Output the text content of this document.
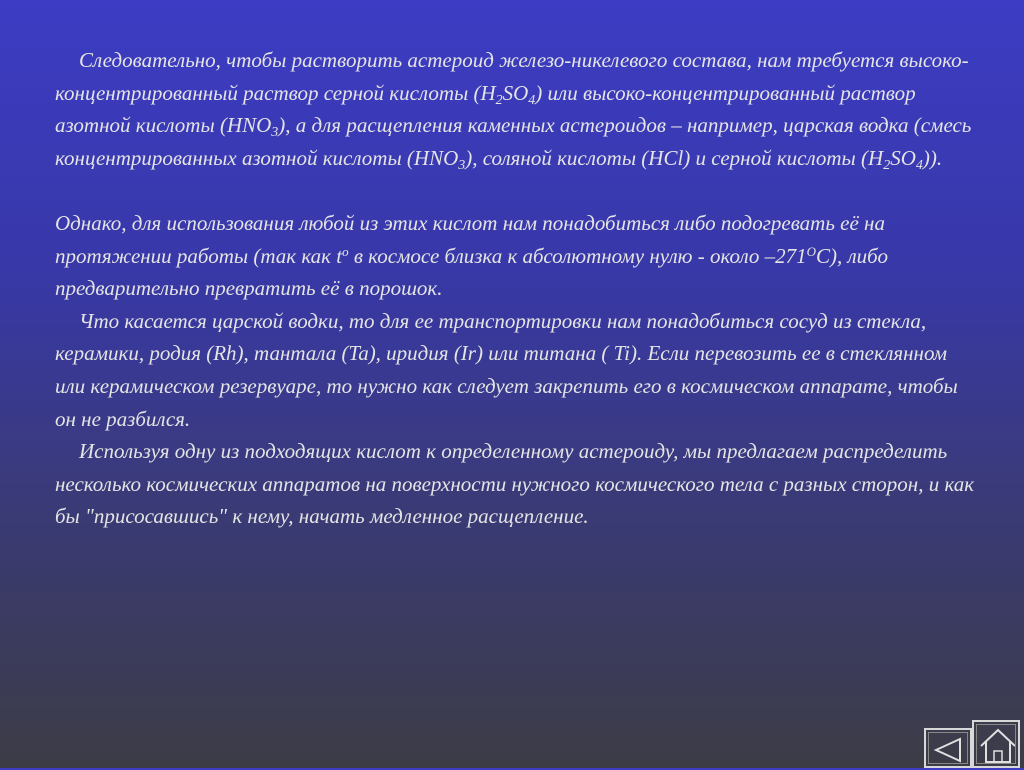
Следовательно, чтобы растворить астероид железо-никелевого состава, нам требуется высоко-концентрированный раствор серной кислоты $(H_2SO_4)$ или высоко-концентрированный раствор азотной кислоты $(HNO_3)$, а для расщепления каменных астероидов – например, царская водка (смесь концентрированных азотной кислоты $(HNO_3)$, соляной кислоты (HCl) и серной кислоты $(H_2SO_4)$).

Однако, для использования любой из этих кислот нам понадобиться либо подогревать её на протяжении работы (так как $t^o$ в космосе близка к абсолютному нулю - около $-271^OC$), либо предварительно превратить её в порошок.

Что касается царской водки, то для ее транспортировки нам понадобиться сосуд из стекла, керамики, родия (Rh), тантала (Ta), иридия (Ir) или титана ( Ti). Если перевозить ее в стеклянном или керамическом резервуаре, то нужно как следует закрепить его в космическом аппарате, чтобы он не разбился.

Используя одну из подходящих кислот к определенному астероиду, мы предлагаем распределить несколько космических аппаратов на поверхности нужного космического тела с разных сторон, и как бы "присосавшись" к нему, начать медленное расщепление.
